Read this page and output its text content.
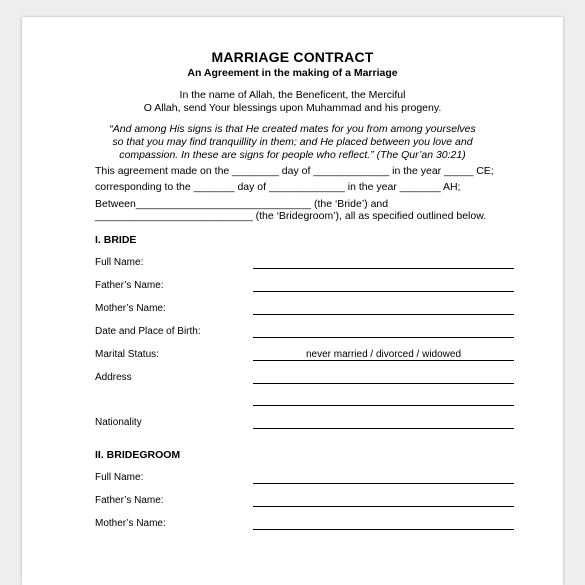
MARRIAGE CONTRACT
An Agreement in the making of a Marriage
In the name of Allah, the Beneficent, the Merciful
O Allah, send Your blessings upon Muhammad and his progeny.
“And among His signs is that He created mates for you from among yourselves
so that you may find tranquillity in them; and He placed between you love and
compassion. In these are signs for people who reflect.” (The Qur’an 30:21)
This agreement made on the ________ day of _____________ in the year _____ CE;
corresponding to the _______ day of _____________ in the year _______ AH;
Between______________________________ (the ‘Bride’) and
___________________________ (the ‘Bridegroom’), all as specified outlined below.
I. BRIDE
Full Name:
Father’s Name:
Mother’s Name:
Date and Place of Birth:
Marital Status:	never married / divorced / widowed
Address
Nationality
II. BRIDEGROOM
Full Name:
Father’s Name:
Mother’s Name:
